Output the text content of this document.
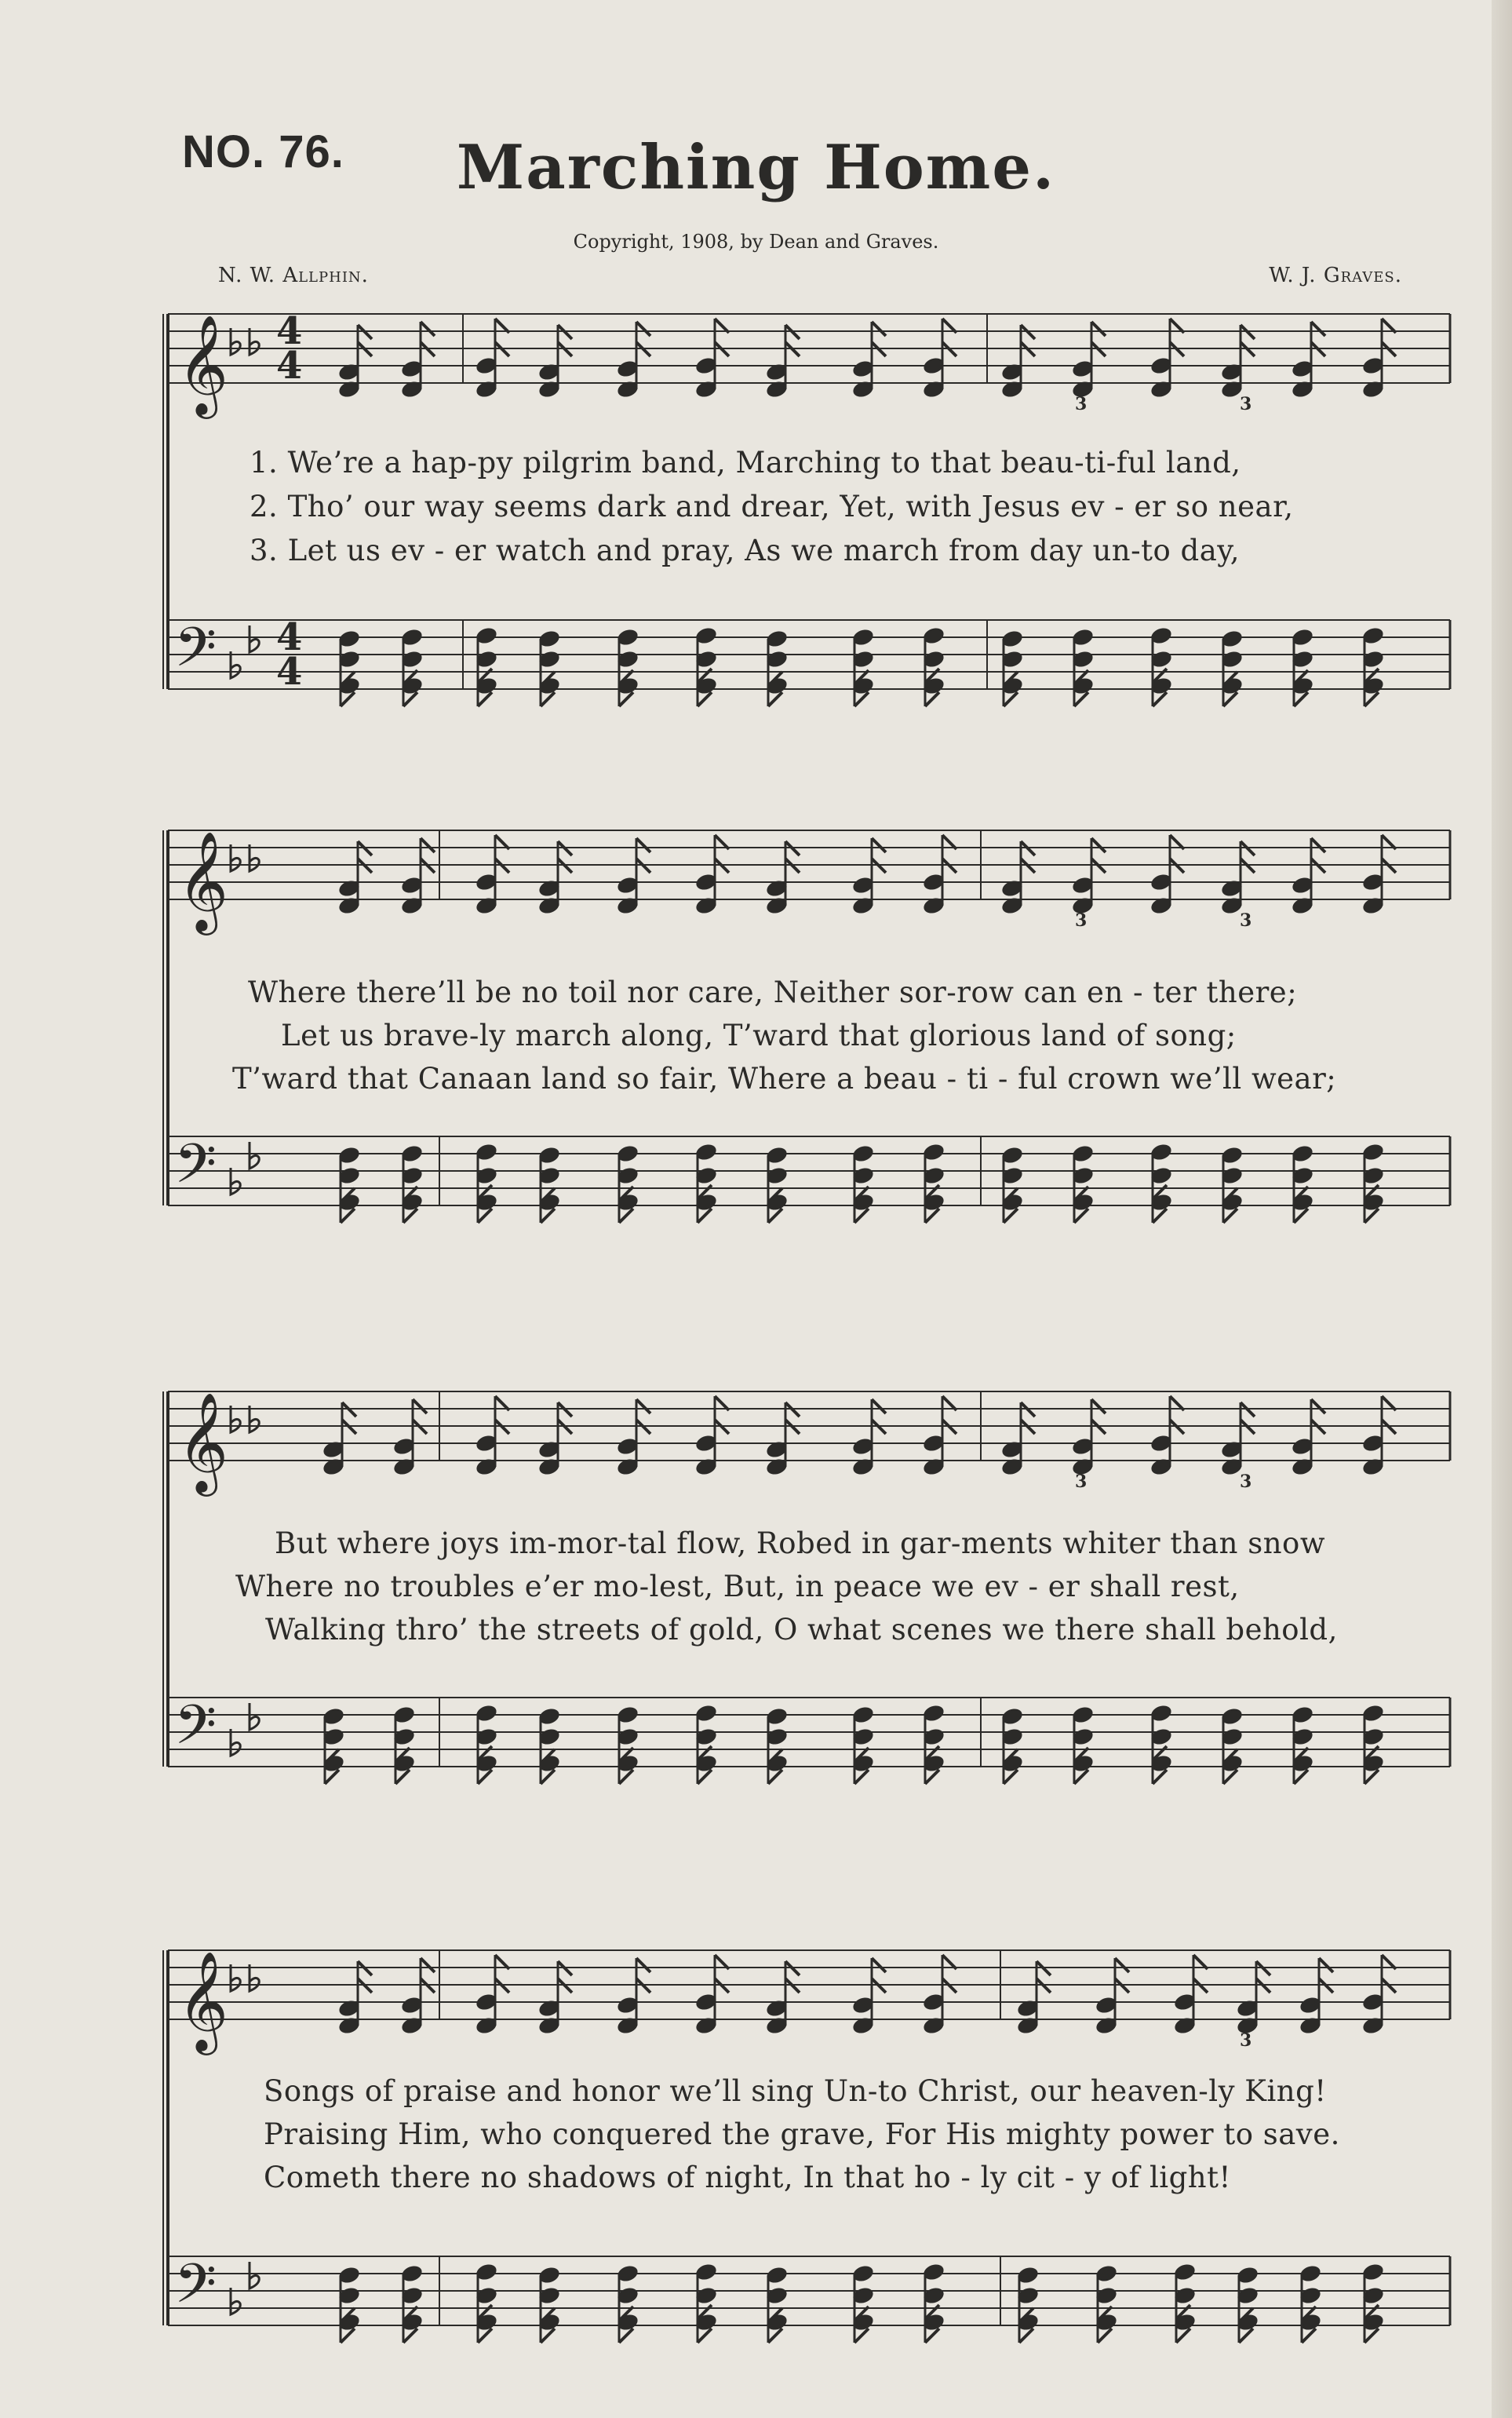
NO. 76.	Marching Home.
Copyright, 1908, by Dean and Graves.
N. W. Allphin.	W. J. Graves.
𝄞
𝄢
4
4
4
4
3
3
𝄞
𝄢
3
3
𝄞
𝄢
3
3
𝄞
𝄢
3
1. We’re a hap-py pilgrim band, Marching to that beau-ti-ful land,
2. Tho’ our way seems dark and drear, Yet, with Jesus ev - er so near,
3. Let us ev - er watch and pray, As we march from day un-to day,
Where there’ll be no toil nor care, Neither sor-row can en - ter there;
Let us brave-ly march along, T’ward that glorious land of song;
T’ward that Canaan land so fair, Where a beau - ti - ful crown we’ll wear;
But where joys im-mor-tal flow, Robed in gar-ments whiter than snow
Where no troubles e’er mo-lest, But, in peace we ev - er shall rest,
Walking thro’ the streets of gold, O what scenes we there shall behold,
Songs of praise and honor we’ll sing Un-to Christ, our heaven-ly King!
Praising Him, who conquered the grave, For His mighty power to save.
Cometh there no shadows of night, In that ho - ly cit - y of light!
